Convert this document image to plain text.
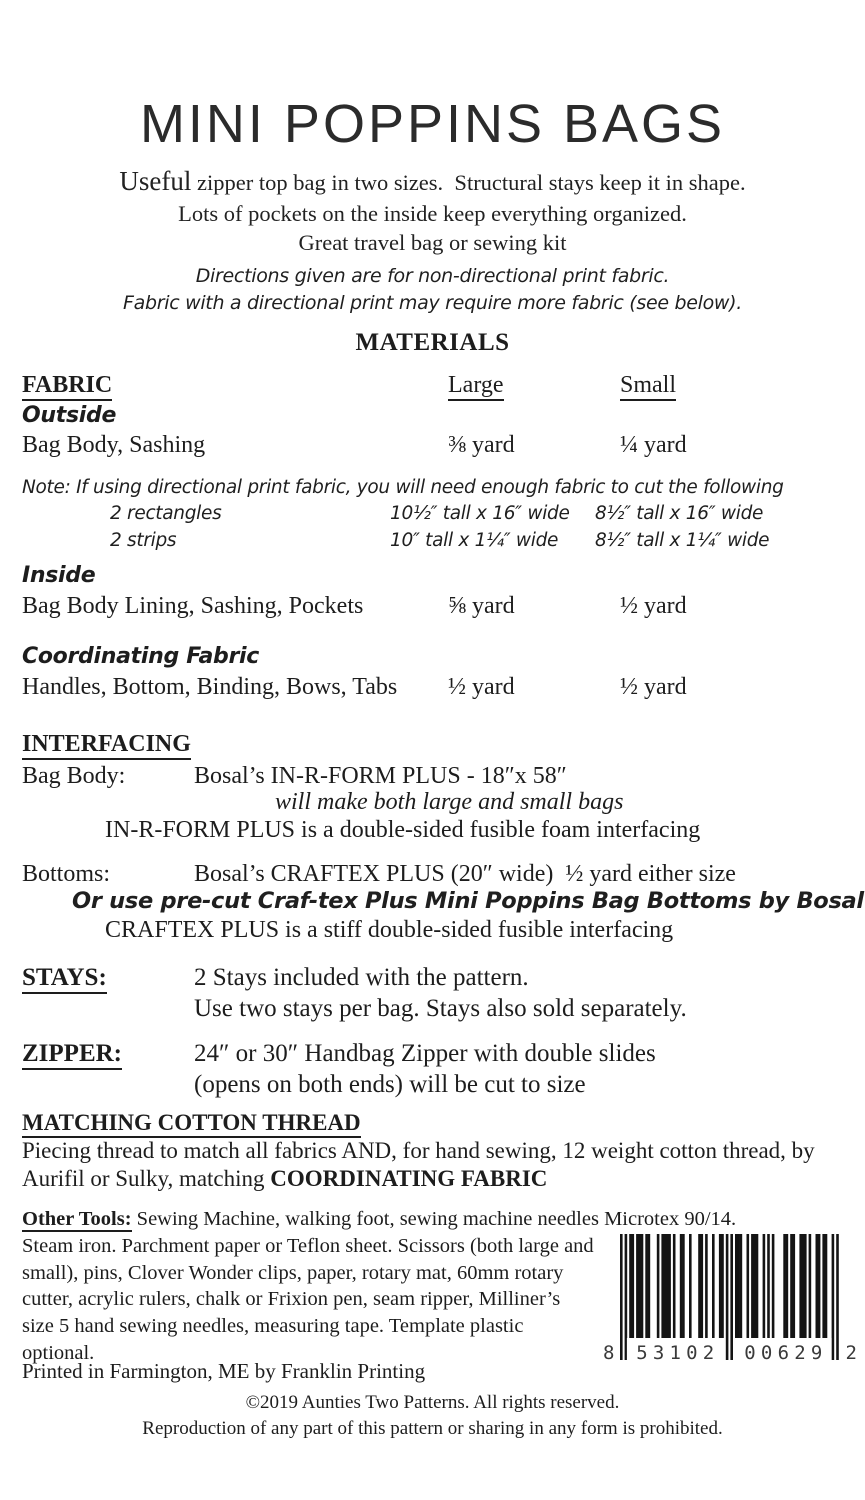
MINI POPPINS BAGS
Useful zipper top bag in two sizes.  Structural stays keep it in shape.
Lots of pockets on the inside keep everything organized.
Great travel bag or sewing kit
Directions given are for non-directional print fabric.
Fabric with a directional print may require more fabric (see below).
MATERIALS
FABRIC	Large	Small
Outside
Bag Body, Sashing	⅜ yard	¼ yard
Note: If using directional print fabric, you will need enough fabric to cut the following
2 rectangles	10½″ tall x 16″ wide	8½″ tall x 16″ wide
2 strips	10″ tall x 1¼″ wide	8½″ tall x 1¼″ wide
Inside
Bag Body Lining, Sashing, Pockets	⅝ yard	½ yard
Coordinating Fabric
Handles, Bottom, Binding, Bows, Tabs	½ yard	½ yard
INTERFACING
Bag Body:	Bosal’s IN-R-FORM PLUS - 18″x 58″
will make both large and small bags
IN-R-FORM PLUS is a double-sided fusible foam interfacing
Bottoms:	Bosal’s CRAFTEX PLUS (20″ wide)  ½ yard either size
Or use pre-cut Craf-tex Plus Mini Poppins Bag Bottoms by Bosal
CRAFTEX PLUS is a stiff double-sided fusible interfacing
STAYS:	2 Stays included with the pattern.
Use two stays per bag. Stays also sold separately.
ZIPPER:	24″ or 30″ Handbag Zipper with double slides
(opens on both ends) will be cut to size
MATCHING COTTON THREAD
Piecing thread to match all fabrics AND, for hand sewing, 12 weight cotton thread, by Aurifil or Sulky, matching COORDINATING FABRIC
Other Tools: Sewing Machine, walking foot, sewing machine needles Microtex 90/14.
Steam iron. Parchment paper or Teflon sheet. Scissors (both large and small), pins, Clover Wonder clips, paper, rotary mat, 60mm rotary cutter, acrylic rulers, chalk or Frixion pen, seam ripper, Milliner’s size 5 hand sewing needles, measuring tape. Template plastic optional.	8 53102 00629 2
Printed in Farmington, ME by Franklin Printing
©2019 Aunties Two Patterns. All rights reserved.
Reproduction of any part of this pattern or sharing in any form is prohibited.
